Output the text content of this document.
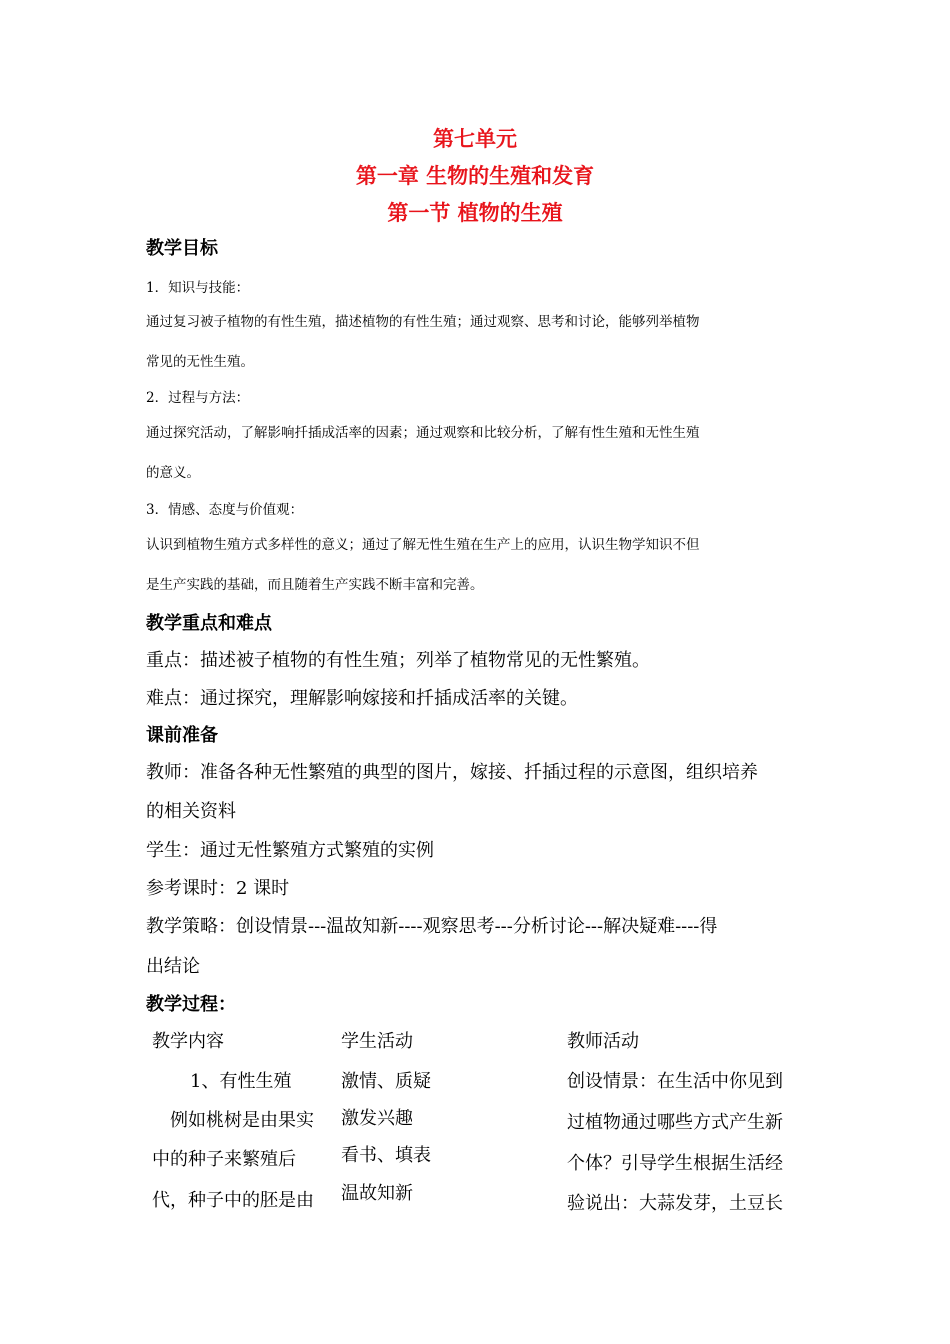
第七单元
第一章 生物的生殖和发育
第一节 植物的生殖
教学目标
1．知识与技能：
通过复习被子植物的有性生殖，描述植物的有性生殖；通过观察、思考和讨论，能够列举植物
常见的无性生殖。
2．过程与方法：
通过探究活动，了解影响扦插成活率的因素；通过观察和比较分析，了解有性生殖和无性生殖
的意义。
3．情感、态度与价值观：
认识到植物生殖方式多样性的意义；通过了解无性生殖在生产上的应用，认识生物学知识不但
是生产实践的基础，而且随着生产实践不断丰富和完善。
教学重点和难点
重点：描述被子植物的有性生殖；列举了植物常见的无性繁殖。
难点：通过探究，理解影响嫁接和扦插成活率的关键。
课前准备
教师：准备各种无性繁殖的典型的图片，嫁接、扦插过程的示意图，组织培养
的相关资料
学生：通过无性繁殖方式繁殖的实例
参考课时：2 课时
教学策略：创设情景---温故知新----观察思考---分析讨论---解决疑难----得
出结论
教学过程：
教学内容	学生活动	教师活动
1、有性生殖
例如桃树是由果实
中的种子来繁殖后
代，种子中的胚是由
激情、质疑
激发兴趣
看书、填表
温故知新
创设情景：在生活中你见到
过植物通过哪些方式产生新
个体？引导学生根据生活经
验说出：大蒜发芽，土豆长
